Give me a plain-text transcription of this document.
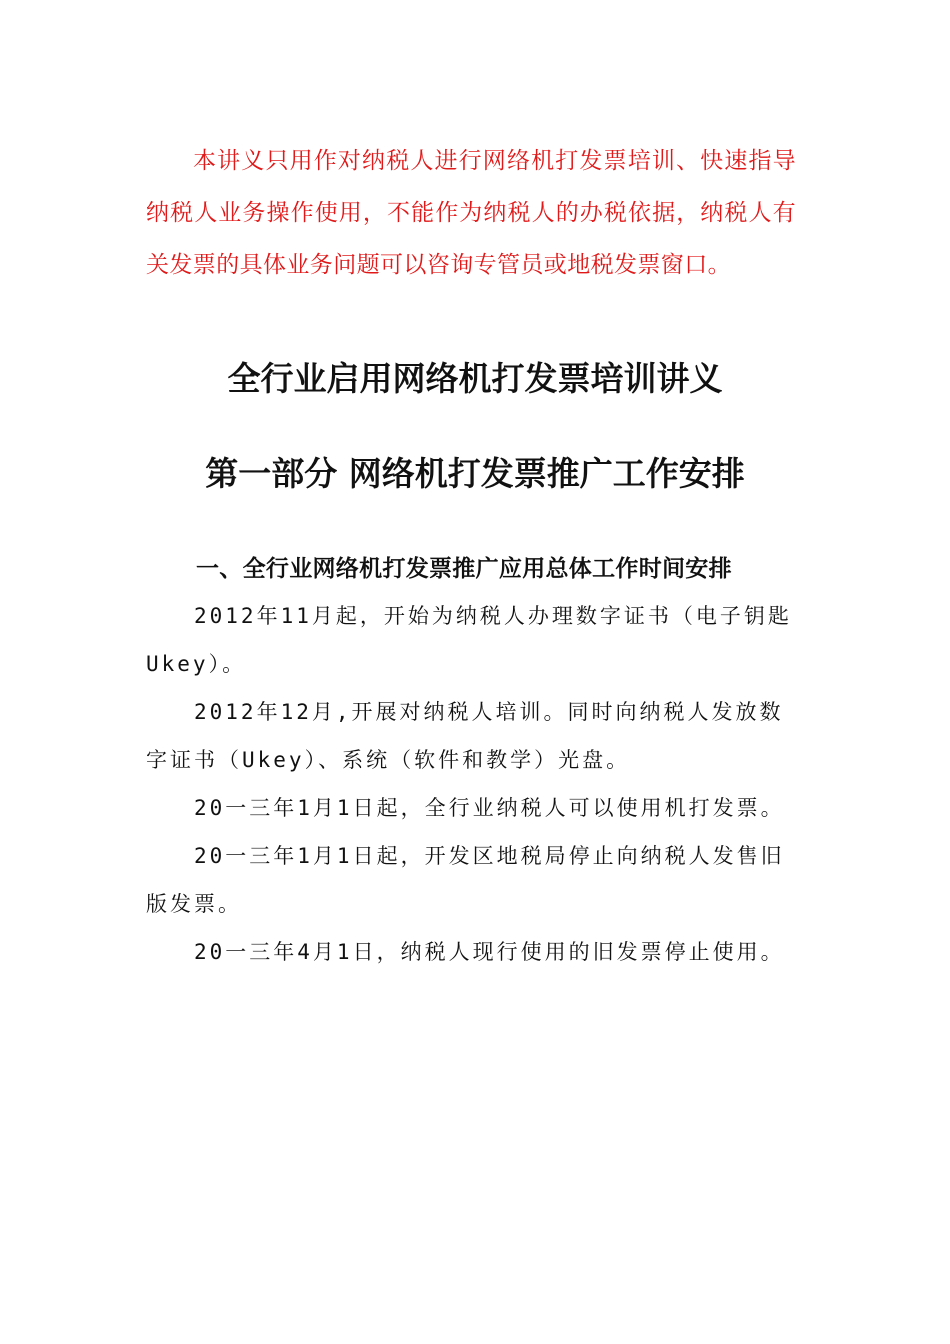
本讲义只用作对纳税人进行网络机打发票培训、快速指导纳税人业务操作使用，不能作为纳税人的办税依据，纳税人有关发票的具体业务问题可以咨询专管员或地税发票窗口。

全行业启用网络机打发票培训讲义
第一部分 网络机打发票推广工作安排
一、全行业网络机打发票推广应用总体工作时间安排
2012年11月起，开始为纳税人办理数字证书（电子钥匙Ukey）。
2012年12月,开展对纳税人培训。同时向纳税人发放数字证书（Ukey）、系统（软件和教学）光盘。
20一三年1月1日起，全行业纳税人可以使用机打发票。
20一三年1月1日起，开发区地税局停止向纳税人发售旧版发票。
20一三年4月1日，纳税人现行使用的旧发票停止使用。
